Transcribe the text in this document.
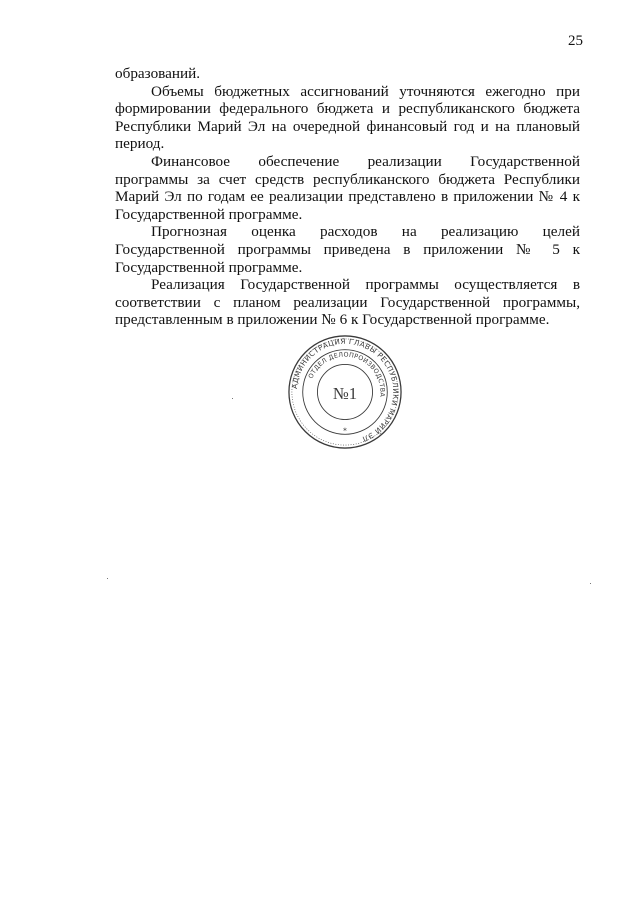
25

образований.

Объемы бюджетных ассигнований уточняются ежегодно при формировании федерального бюджета и республиканского бюджета Республики Марий Эл на очередной финансовый год и на плановый период.

Финансовое обеспечение реализации Государственной программы за счет средств республиканского бюджета Республики Марий Эл по годам ее реализации представлено в приложении № 4 к Государственной программе.

Прогнозная оценка расходов на реализацию целей Государственной программы приведена в приложении № 5 к Государственной программе.

Реализация Государственной программы осуществляется в соответствии с планом реализации Государственной программы, представленным в приложении № 6 к Государственной программе.

АДМИНИСТРАЦИЯ ГЛАВЫ РЕСПУБЛИКИ МАРИЙ ЭЛ
ОТДЕЛ ДЕЛОПРОИЗВОДСТВА
№1
*
